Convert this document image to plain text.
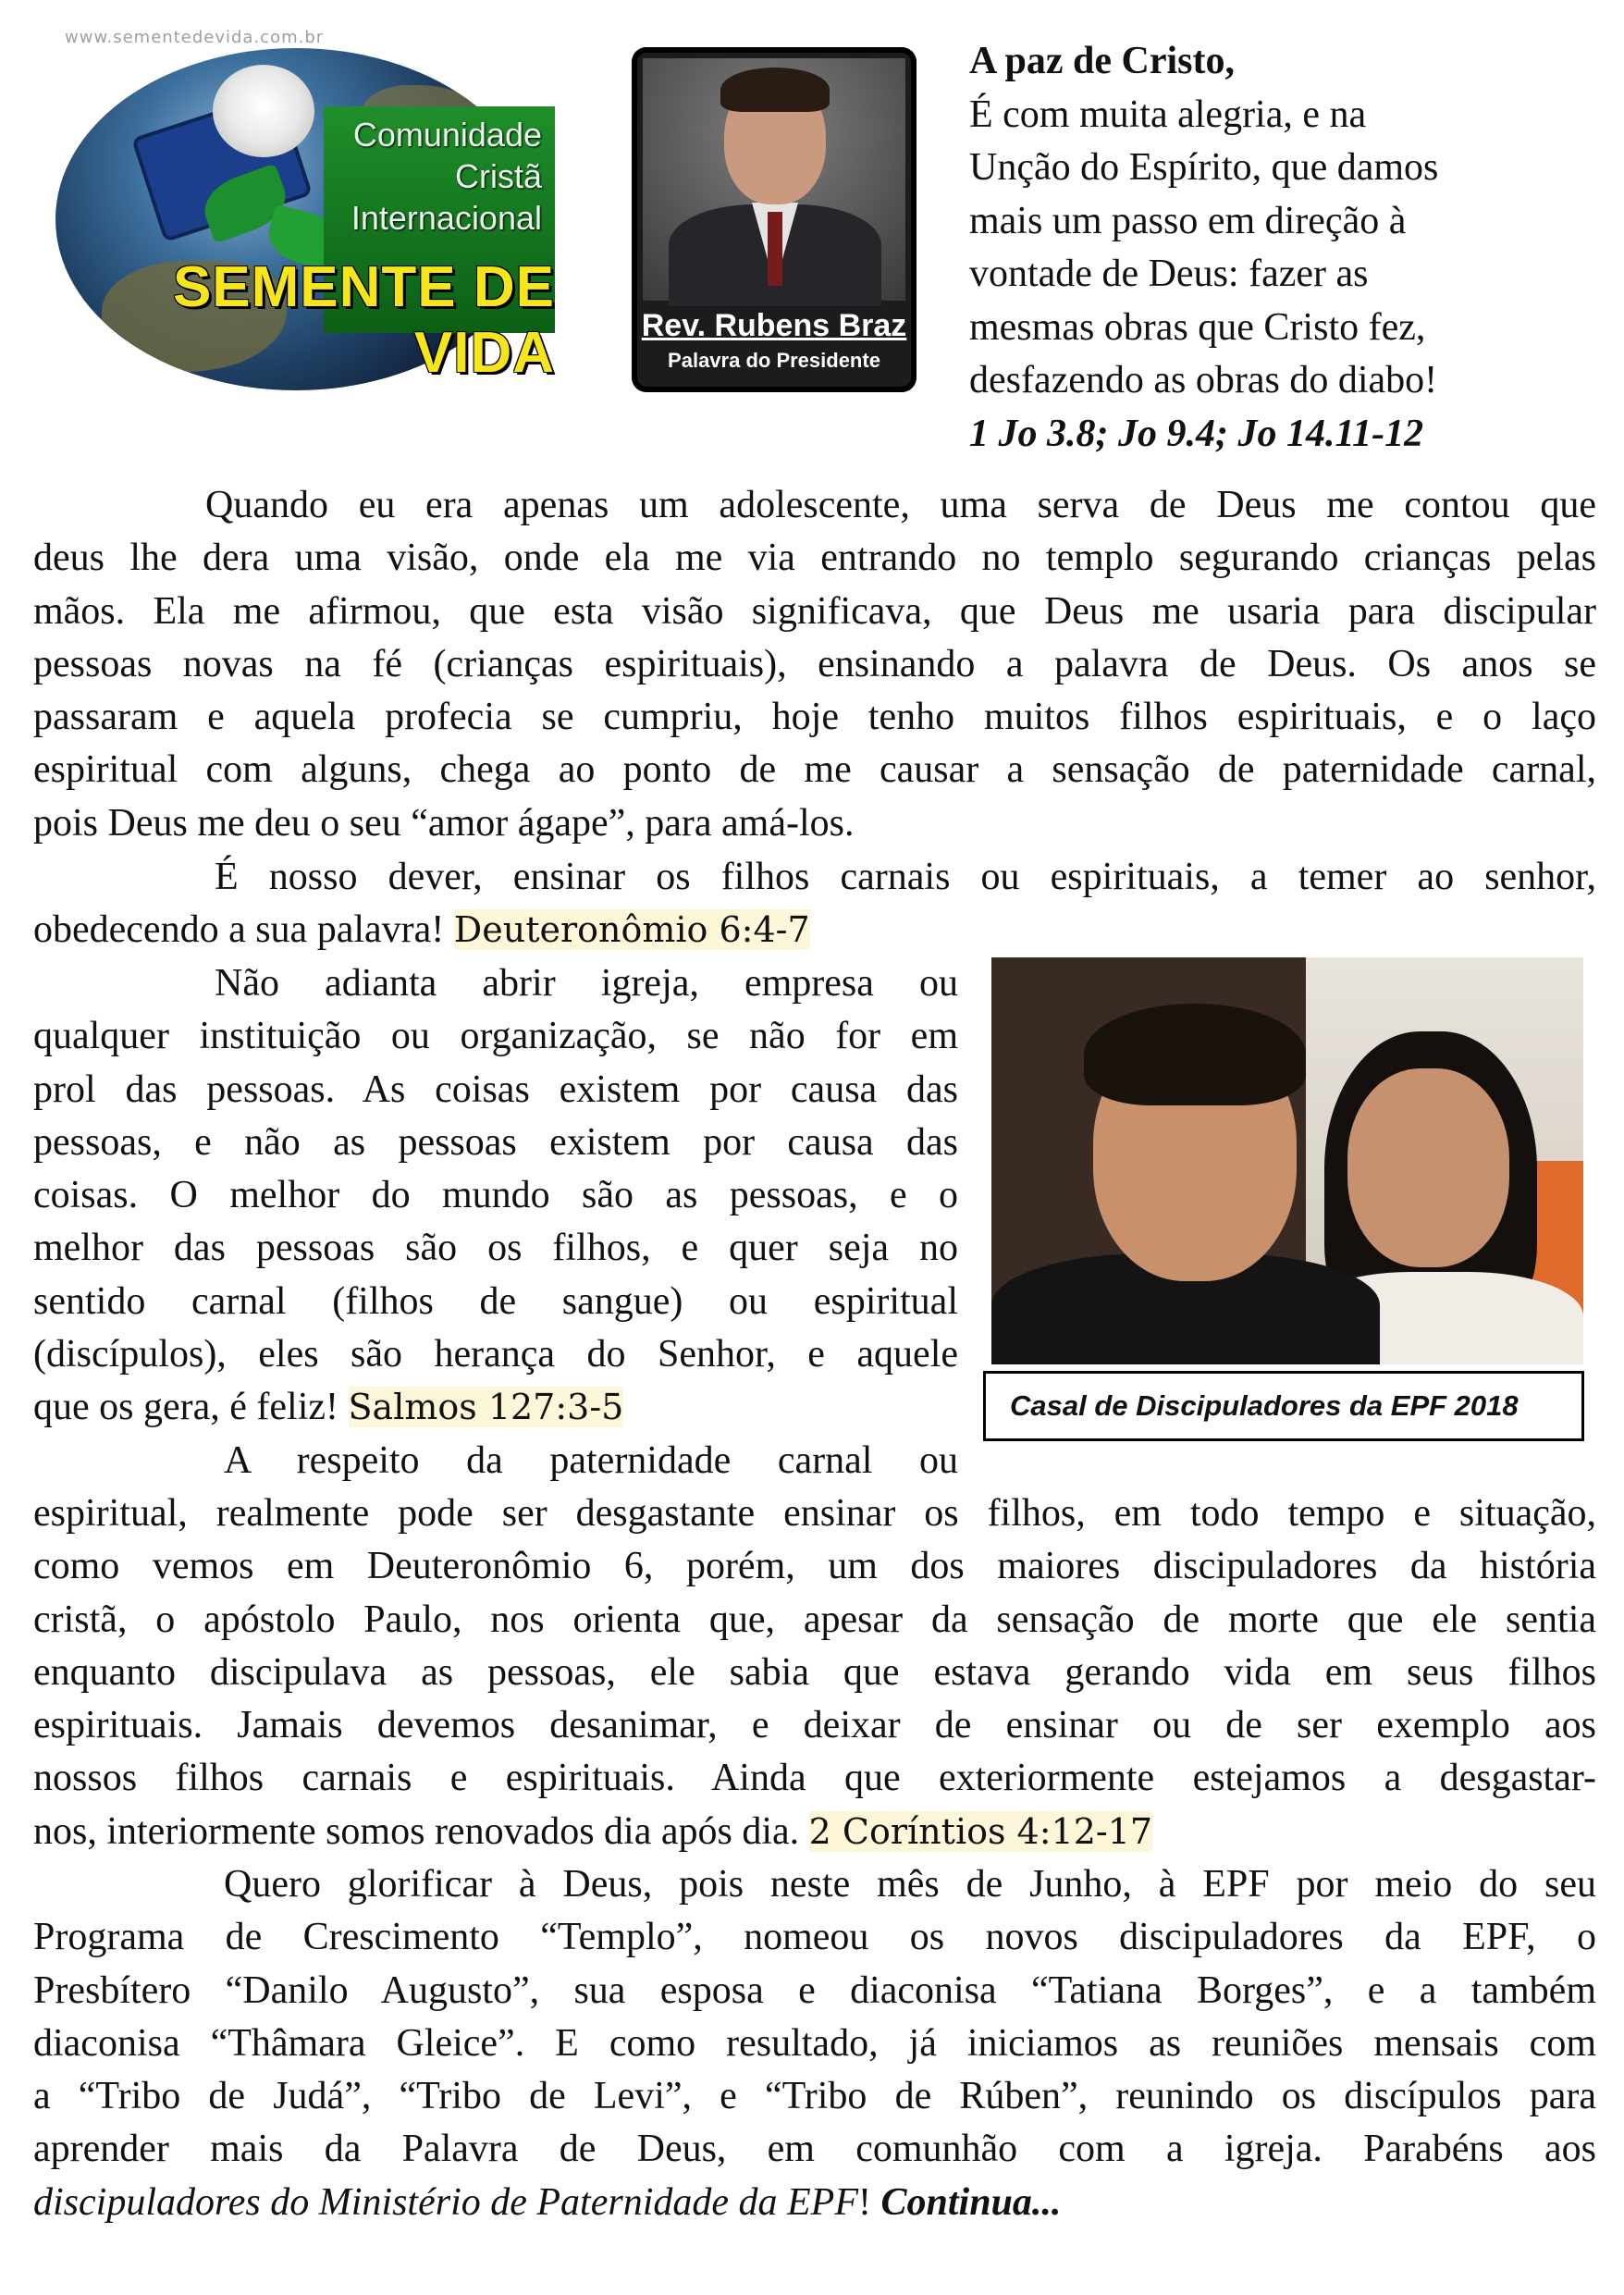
www.sementedevida.com.br
Comunidade
Cristã
Internacional
SEMENTE DE VIDA	Rev. Rubens Braz
Palavra do Presidente
A paz de Cristo,
É com muita alegria, e na
Unção do Espírito, que damos
mais um passo em direção à
vontade de Deus: fazer as
mesmas obras que Cristo fez,
desfazendo as obras do diabo!
1 Jo 3.8; Jo 9.4; Jo 14.11-12
Quando eu era apenas um adolescente, uma serva de Deus me contou que
deus lhe dera uma visão, onde ela me via entrando no templo segurando crianças pelas
mãos. Ela me afirmou, que esta visão significava, que Deus me usaria para discipular
pessoas novas na fé (crianças espirituais), ensinando a palavra de Deus. Os anos se
passaram e aquela profecia se cumpriu, hoje tenho muitos filhos espirituais, e o laço
espiritual com alguns, chega ao ponto de me causar a sensação de paternidade carnal,
pois Deus me deu o seu “amor ágape”, para amá-los.
É nosso dever, ensinar os filhos carnais ou espirituais, a temer ao senhor,
obedecendo a sua palavra! Deuteronômio 6:4-7
Não adianta abrir igreja, empresa ou
qualquer instituição ou organização, se não for em
prol das pessoas. As coisas existem por causa das
pessoas, e não as pessoas existem por causa das
coisas. O melhor do mundo são as pessoas, e o
melhor das pessoas são os filhos, e quer seja no
sentido carnal (filhos de sangue) ou espiritual
(discípulos), eles são herança do Senhor, e aquele
que os gera, é feliz! Salmos 127:3-5
A respeito da paternidade carnal ou
Casal de Discipuladores da EPF 2018
espiritual, realmente pode ser desgastante ensinar os filhos, em todo tempo e situação,
como vemos em Deuteronômio 6, porém, um dos maiores discipuladores da história
cristã, o apóstolo Paulo, nos orienta que, apesar da sensação de morte que ele sentia
enquanto discipulava as pessoas, ele sabia que estava gerando vida em seus filhos
espirituais. Jamais devemos desanimar, e deixar de ensinar ou de ser exemplo aos
nossos filhos carnais e espirituais. Ainda que exteriormente estejamos a desgastar-
nos, interiormente somos renovados dia após dia. 2 Coríntios 4:12-17
Quero glorificar à Deus, pois neste mês de Junho, à EPF por meio do seu
Programa de Crescimento “Templo”, nomeou os novos discipuladores da EPF, o
Presbítero “Danilo Augusto”, sua esposa e diaconisa “Tatiana Borges”, e a também
diaconisa “Thâmara Gleice”. E como resultado, já iniciamos as reuniões mensais com
a “Tribo de Judá”, “Tribo de Levi”, e “Tribo de Rúben”, reunindo os discípulos para
aprender mais da Palavra de Deus, em comunhão com a igreja. Parabéns aos
discipuladores do Ministério de Paternidade da EPF! Continua...
